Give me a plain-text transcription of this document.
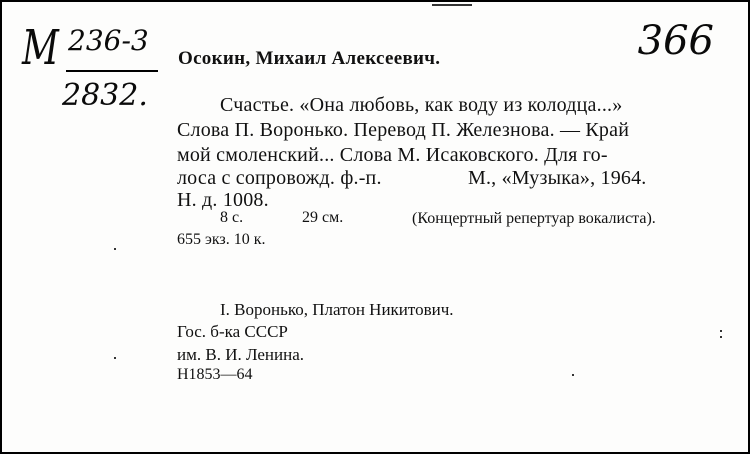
М 236-3
2832.
366
Осокин, Михаил Алексеевич.
Счастье. «Она любовь, как воду из колодца...»
Слова П. Воронько. Перевод П. Железнова. — Край
мой смоленский... Слова М. Исаковского. Для го-
лоса с сопровожд. ф.-п.	М., «Музыка», 1964.
Н. д. 1008.
8 с.	29 см.	(Концертный репертуар вокалиста).
655 экз. 10 к.
I. Воронько, Платон Никитович.
Гос. б-ка СССР
им. В. И. Ленина.
Н1853—64
